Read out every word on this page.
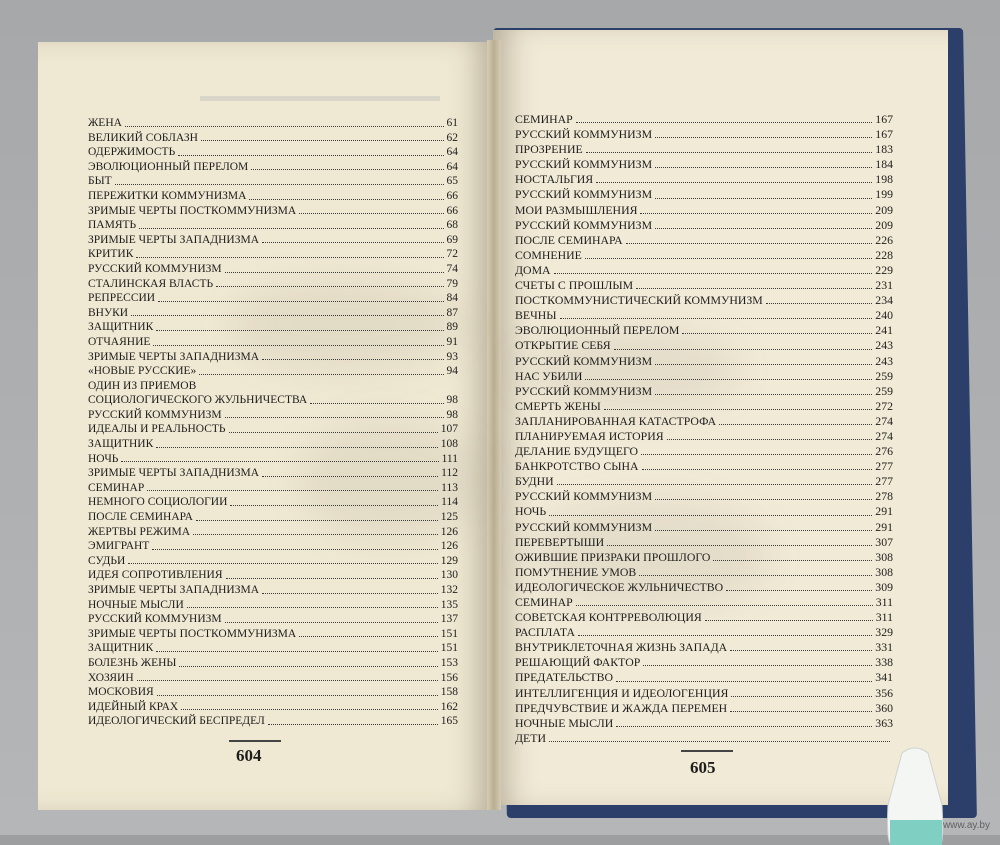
ЖЕНА	61
ВЕЛИКИЙ СОБЛАЗН	62
ОДЕРЖИМОСТЬ	64
ЭВОЛЮЦИОННЫЙ ПЕРЕЛОМ	64
БЫТ	65
ПЕРЕЖИТКИ КОММУНИЗМА	66
ЗРИМЫЕ ЧЕРТЫ ПОСТКОММУНИЗМА	66
ПАМЯТЬ	68
ЗРИМЫЕ ЧЕРТЫ ЗАПАДНИЗМА	69
КРИТИК	72
РУССКИЙ КОММУНИЗМ	74
СТАЛИНСКАЯ ВЛАСТЬ	79
РЕПРЕССИИ	84
ВНУКИ	87
ЗАЩИТНИК	89
ОТЧАЯНИЕ	91
ЗРИМЫЕ ЧЕРТЫ ЗАПАДНИЗМА	93
«НОВЫЕ РУССКИЕ»	94
ОДИН ИЗ ПРИЕМОВ
СОЦИОЛОГИЧЕСКОГО ЖУЛЬНИЧЕСТВА	98
РУССКИЙ КОММУНИЗМ	98
ИДЕАЛЫ И РЕАЛЬНОСТЬ	107
ЗАЩИТНИК	108
НОЧЬ	111
ЗРИМЫЕ ЧЕРТЫ ЗАПАДНИЗМА	112
СЕМИНАР	113
НЕМНОГО СОЦИОЛОГИИ	114
ПОСЛЕ СЕМИНАРА	125
ЖЕРТВЫ РЕЖИМА	126
ЭМИГРАНТ	126
СУДЬИ	129
ИДЕЯ СОПРОТИВЛЕНИЯ	130
ЗРИМЫЕ ЧЕРТЫ ЗАПАДНИЗМА	132
НОЧНЫЕ МЫСЛИ	135
РУССКИЙ КОММУНИЗМ	137
ЗРИМЫЕ ЧЕРТЫ ПОСТКОММУНИЗМА	151
ЗАЩИТНИК	151
БОЛЕЗНЬ ЖЕНЫ	153
ХОЗЯИН	156
МОСКОВИЯ	158
ИДЕЙНЫЙ КРАХ	162
ИДЕОЛОГИЧЕСКИЙ БЕСПРЕДЕЛ	165
СЕМИНАР	167
РУССКИЙ КОММУНИЗМ	167
ПРОЗРЕНИЕ	183
РУССКИЙ КОММУНИЗМ	184
НОСТАЛЬГИЯ	198
РУССКИЙ КОММУНИЗМ	199
МОИ РАЗМЫШЛЕНИЯ	209
РУССКИЙ КОММУНИЗМ	209
ПОСЛЕ СЕМИНАРА	226
СОМНЕНИЕ	228
ДОМА	229
СЧЕТЫ С ПРОШЛЫМ	231
ПОСТКОММУНИСТИЧЕСКИЙ КОММУНИЗМ	234
ВЕЧНЫ	240
ЭВОЛЮЦИОННЫЙ ПЕРЕЛОМ	241
ОТКРЫТИЕ СЕБЯ	243
РУССКИЙ КОММУНИЗМ	243
НАС УБИЛИ	259
РУССКИЙ КОММУНИЗМ	259
СМЕРТЬ ЖЕНЫ	272
ЗАПЛАНИРОВАННАЯ КАТАСТРОФА	274
ПЛАНИРУЕМАЯ ИСТОРИЯ	274
ДЕЛАНИЕ БУДУЩЕГО	276
БАНКРОТСТВО СЫНА	277
БУДНИ	277
РУССКИЙ КОММУНИЗМ	278
НОЧЬ	291
РУССКИЙ КОММУНИЗМ	291
ПЕРЕВЕРТЫШИ	307
ОЖИВШИЕ ПРИЗРАКИ ПРОШЛОГО	308
ПОМУТНЕНИЕ УМОВ	308
ИДЕОЛОГИЧЕСКОЕ ЖУЛЬНИЧЕСТВО	309
СЕМИНАР	311
СОВЕТСКАЯ КОНТРРЕВОЛЮЦИЯ	311
РАСПЛАТА	329
ВНУТРИКЛЕТОЧНАЯ ЖИЗНЬ ЗАПАДА	331
РЕШАЮЩИЙ ФАКТОР	338
ПРЕДАТЕЛЬСТВО	341
ИНТЕЛЛИГЕНЦИЯ И ИДЕОЛОГЕНЦИЯ	356
ПРЕДЧУВСТВИЕ И ЖАЖДА ПЕРЕМЕН	360
НОЧНЫЕ МЫСЛИ	363
ДЕТИ
604
605
www.ay.by
